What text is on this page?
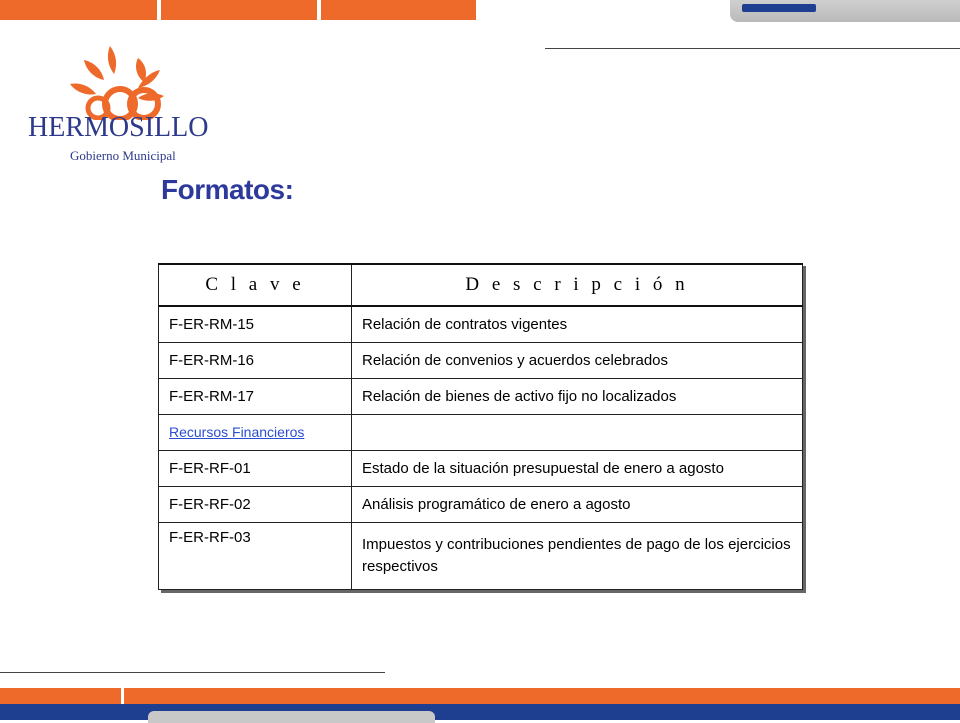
HERMOSILLO
Gobierno Municipal
Formatos:
C l a v e	D e s c r i p c i ó n
F-ER-RM-15	Relación de contratos vigentes
F-ER-RM-16	Relación de convenios y acuerdos celebrados
F-ER-RM-17	Relación de bienes de activo fijo no localizados
Recursos Financieros	
F-ER-RF-01	Estado de la situación presupuestal de enero a agosto
F-ER-RF-02	Análisis programático de enero a agosto
F-ER-RF-03	Impuestos y contribuciones pendientes de pago de los ejercicios respectivos
